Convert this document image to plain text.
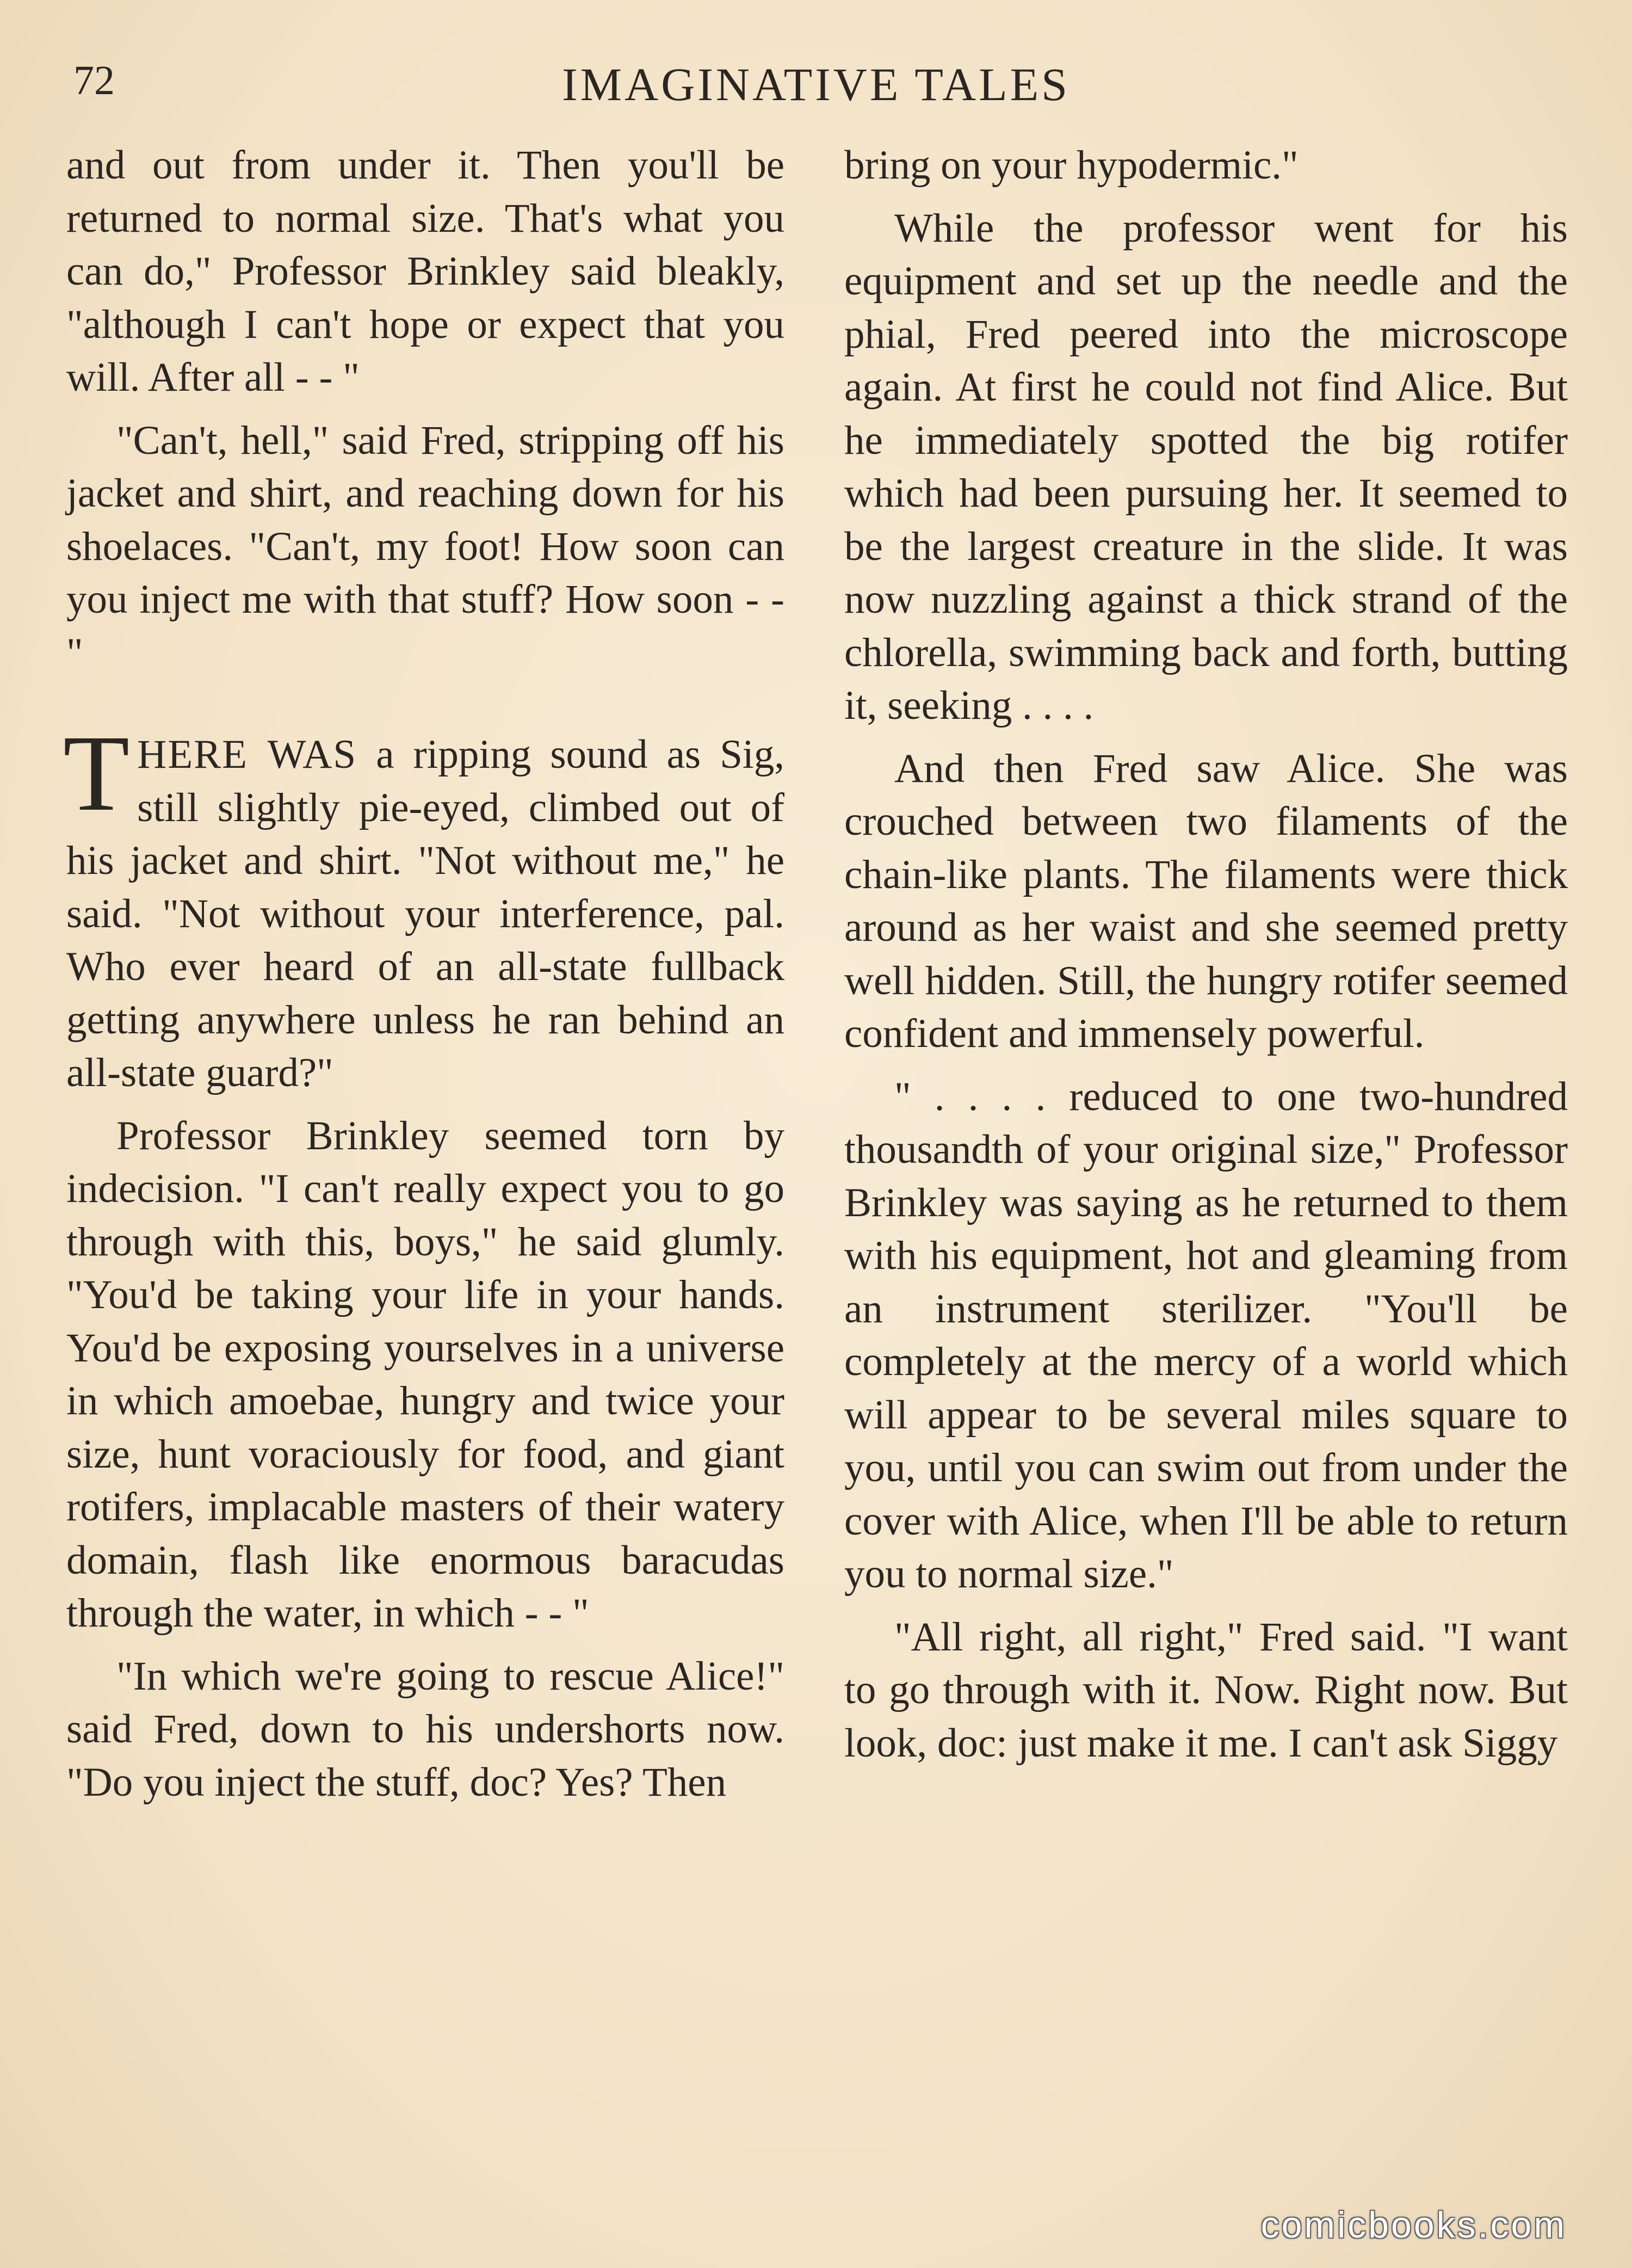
72	IMAGINATIVE TALES

and out from under it. Then you'll be returned to normal size. That's what you can do," Professor Brinkley said bleakly, "although I can't hope or expect that you will. After all - - "

"Can't, hell," said Fred, stripping off his jacket and shirt, and reaching down for his shoelaces. "Can't, my foot! How soon can you inject me with that stuff? How soon - - "

THERE WAS a ripping sound as Sig, still slightly pie-eyed, climbed out of his jacket and shirt. "Not without me," he said. "Not without your interference, pal. Who ever heard of an all-state fullback getting anywhere unless he ran behind an all-state guard?"

Professor Brinkley seemed torn by indecision. "I can't really expect you to go through with this, boys," he said glumly. "You'd be taking your life in your hands. You'd be exposing yourselves in a universe in which amoebae, hungry and twice your size, hunt voraciously for food, and giant rotifers, implacable masters of their watery domain, flash like enormous baracudas through the water, in which - - "

"In which we're going to rescue Alice!" said Fred, down to his undershorts now. "Do you inject the stuff, doc? Yes? Then

bring on your hypodermic."

While the professor went for his equipment and set up the needle and the phial, Fred peered into the microscope again. At first he could not find Alice. But he immediately spotted the big rotifer which had been pursuing her. It seemed to be the largest creature in the slide. It was now nuzzling against a thick strand of the chlorella, swimming back and forth, butting it, seeking . . . .

And then Fred saw Alice. She was crouched between two filaments of the chain-like plants. The filaments were thick around as her waist and she seemed pretty well hidden. Still, the hungry rotifer seemed confident and immensely powerful.

" . . . . reduced to one two-hundred thousandth of your original size," Professor Brinkley was saying as he returned to them with his equipment, hot and gleaming from an instrument sterilizer. "You'll be completely at the mercy of a world which will appear to be several miles square to you, until you can swim out from under the cover with Alice, when I'll be able to return you to normal size."

"All right, all right," Fred said. "I want to go through with it. Now. Right now. But look, doc: just make it me. I can't ask Siggy

comicbooks.com
